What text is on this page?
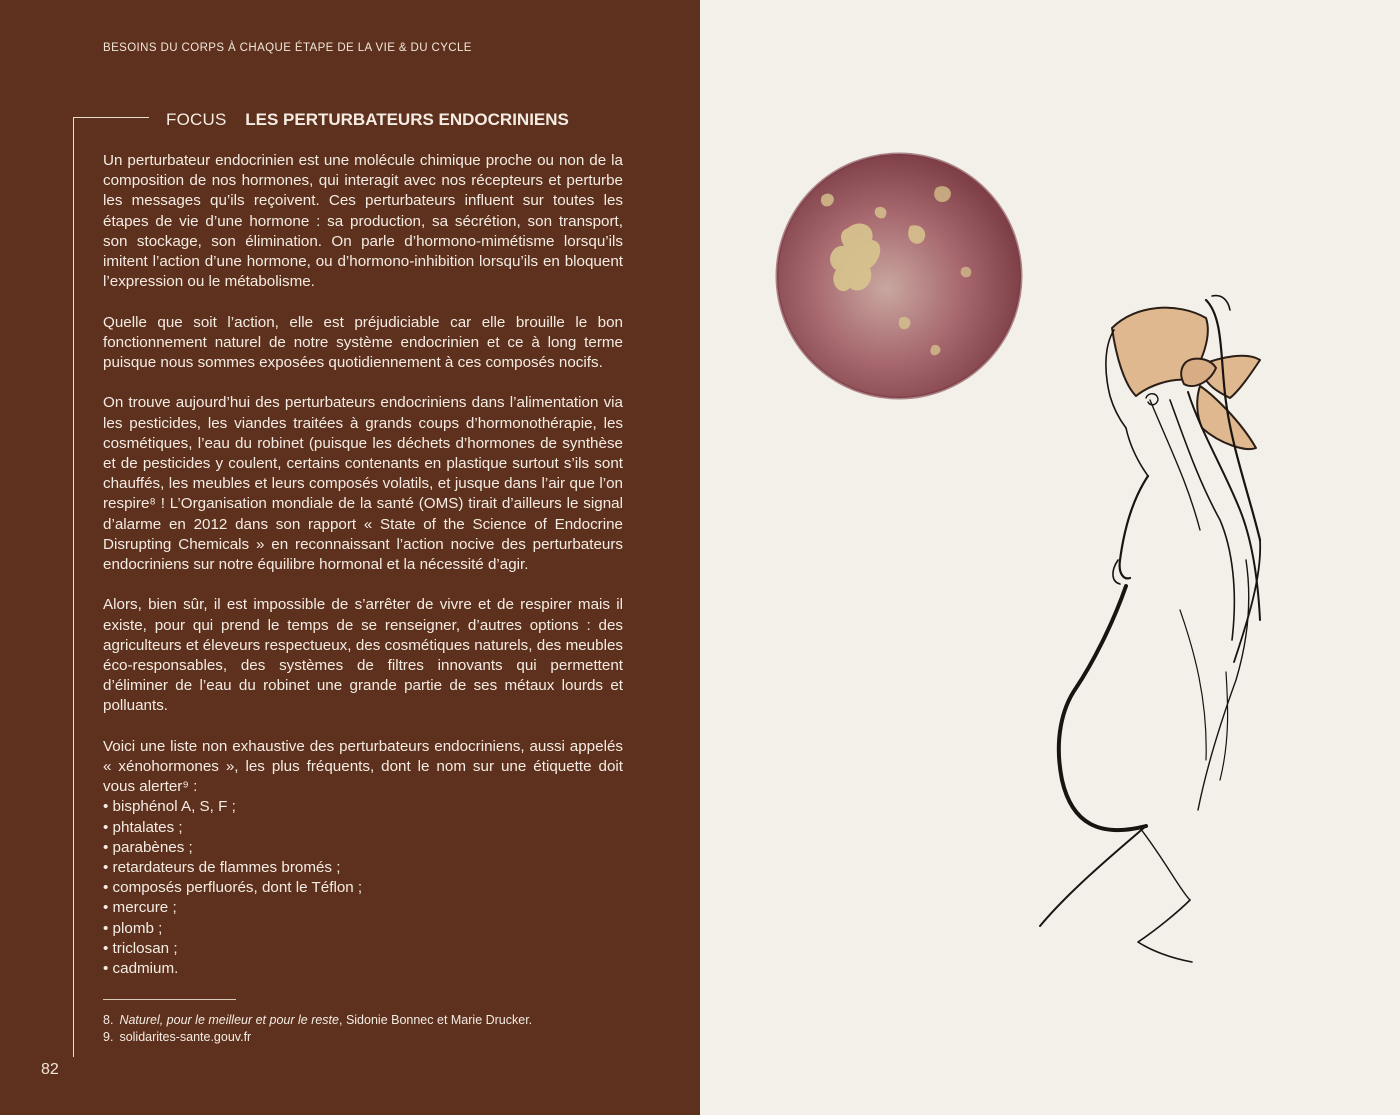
BESOINS DU CORPS À CHAQUE ÉTAPE DE LA VIE & DU CYCLE
FOCUS LES PERTURBATEURS ENDOCRINIENS

Un perturbateur endocrinien est une molécule chimique proche ou non de la composition de nos hormones, qui interagit avec nos récepteurs et perturbe les messages qu’ils reçoivent. Ces perturbateurs influent sur toutes les étapes de vie d’une hormone : sa production, sa sécrétion, son transport, son stockage, son élimination. On parle d’hormono-mimétisme lorsqu’ils imitent l’action d’une hormone, ou d’hormono-inhibition lorsqu’ils en bloquent l’expression ou le métabolisme.

Quelle que soit l’action, elle est préjudiciable car elle brouille le bon fonctionnement naturel de notre système endocrinien et ce à long terme puisque nous sommes exposées quotidiennement à ces composés nocifs.

On trouve aujourd’hui des perturbateurs endocriniens dans l’alimentation via les pesticides, les viandes traitées à grands coups d’hormonothérapie, les cosmétiques, l’eau du robinet (puisque les déchets d’hormones de synthèse et de pesticides y coulent, certains contenants en plastique surtout s’ils sont chauffés, les meubles et leurs composés volatils, et jusque dans l’air que l’on respire⁸ ! L’Organisation mondiale de la santé (OMS) tirait d’ailleurs le signal d’alarme en 2012 dans son rapport « State of the Science of Endocrine Disrupting Chemicals » en reconnaissant l’action nocive des perturbateurs endocriniens sur notre équilibre hormonal et la nécessité d’agir.

Alors, bien sûr, il est impossible de s’arrêter de vivre et de respirer mais il existe, pour qui prend le temps de se renseigner, d’autres options : des agriculteurs et éleveurs respectueux, des cosmétiques naturels, des meubles éco-responsables, des systèmes de filtres innovants qui permettent d’éliminer de l’eau du robinet une grande partie de ses métaux lourds et polluants.

Voici une liste non exhaustive des perturbateurs endocriniens, aussi appelés « xénohormones », les plus fréquents, dont le nom sur une étiquette doit vous alerter⁹ :

• bisphénol A, S, F ;
• phtalates ;
• parabènes ;
• retardateurs de flammes bromés ;
• composés perfluorés, dont le Téflon ;
• mercure ;
• plomb ;
• triclosan ;
• cadmium.
8. Naturel, pour le meilleur et pour le reste, Sidonie Bonnec et Marie Drucker.
9. solidarites-sante.gouv.fr
82
